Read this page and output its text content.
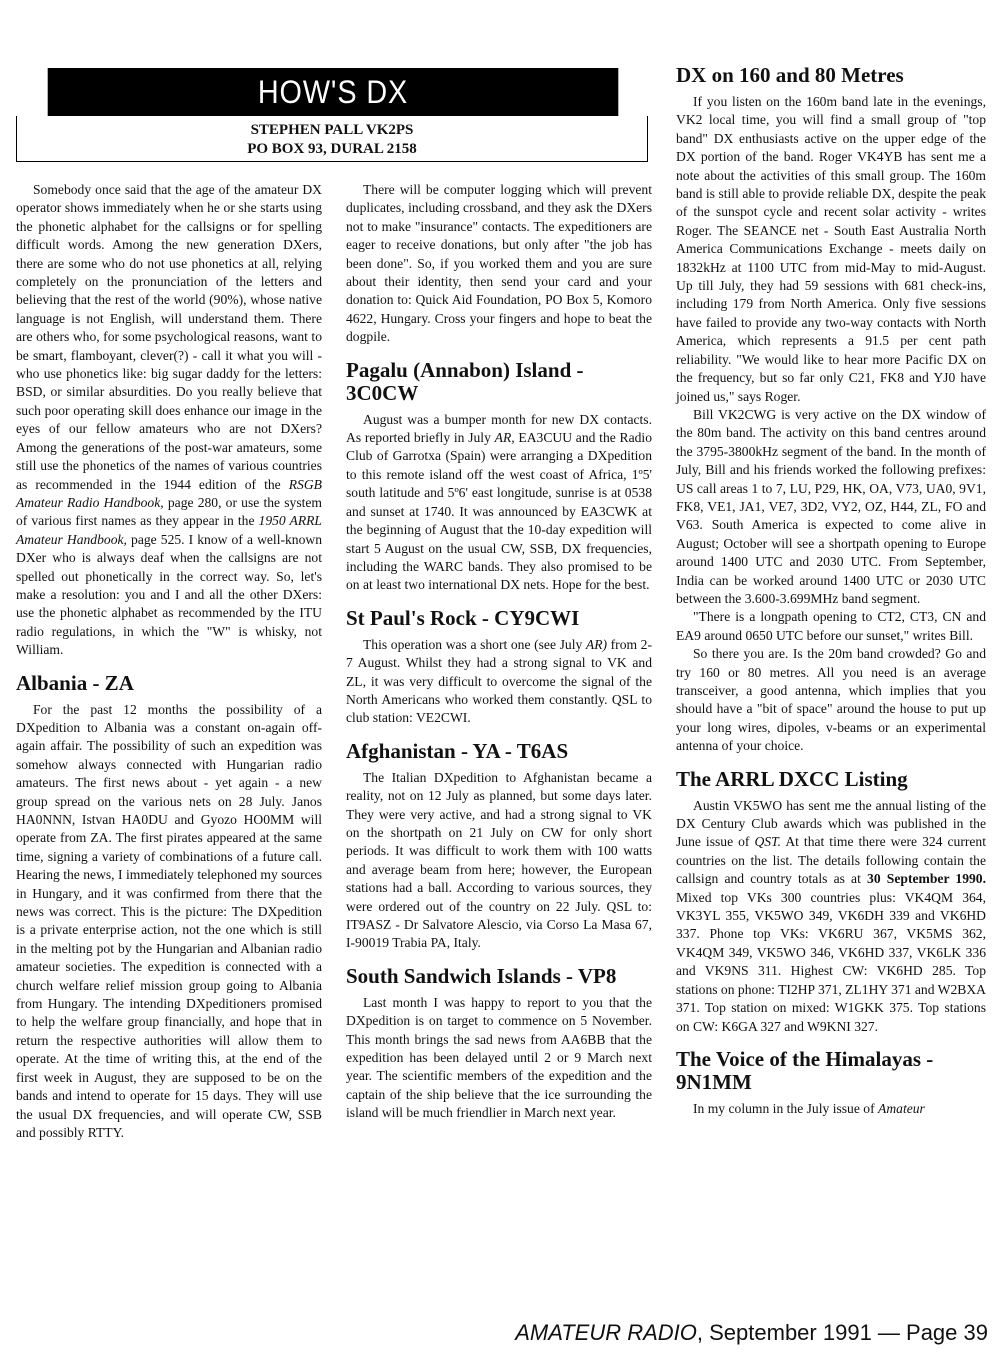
HOW'S DX
STEPHEN PALL VK2PS
PO BOX 93, DURAL 2158

Somebody once said that the age of the amateur DX operator shows immediately when he or she starts using the phonetic alphabet for the callsigns or for spelling difficult words. Among the new generation DXers, there are some who do not use phonetics at all, relying completely on the pronunciation of the letters and believing that the rest of the world (90%), whose native language is not English, will understand them. There are others who, for some psychological reasons, want to be smart, flamboyant, clever(?) - call it what you will - who use phonetics like: big sugar daddy for the letters: BSD, or similar absurdities. Do you really believe that such poor operating skill does enhance our image in the eyes of our fellow amateurs who are not DXers? Among the generations of the post-war amateurs, some still use the phonetics of the names of various countries as recommended in the 1944 edition of the RSGB Amateur Radio Handbook, page 280, or use the system of various first names as they appear in the 1950 ARRL Amateur Handbook, page 525. I know of a well-known DXer who is always deaf when the callsigns are not spelled out phonetically in the correct way. So, let's make a resolution: you and I and all the other DXers: use the phonetic alphabet as recommended by the ITU radio regulations, in which the "W" is whisky, not William.

Albania - ZA

For the past 12 months the possibility of a DXpedition to Albania was a constant on-again off-again affair. The possibility of such an expedition was somehow always connected with Hungarian radio amateurs. The first news about - yet again - a new group spread on the various nets on 28 July. Janos HA0NNN, Istvan HA0DU and Gyozo HO0MM will operate from ZA. The first pirates appeared at the same time, signing a variety of combinations of a future call. Hearing the news, I immediately telephoned my sources in Hungary, and it was confirmed from there that the news was correct. This is the picture: The DXpedition is a private enterprise action, not the one which is still in the melting pot by the Hungarian and Albanian radio amateur societies. The expedition is connected with a church welfare relief mission group going to Albania from Hungary. The intending DXpeditioners promised to help the welfare group financially, and hope that in return the respective authorities will allow them to operate. At the time of writing this, at the end of the first week in August, they are supposed to be on the bands and intend to operate for 15 days. They will use the usual DX frequencies, and will operate CW, SSB and possibly RTTY.

There will be computer logging which will prevent duplicates, including crossband, and they ask the DXers not to make "insurance" contacts. The expeditioners are eager to receive donations, but only after "the job has been done". So, if you worked them and you are sure about their identity, then send your card and your donation to: Quick Aid Foundation, PO Box 5, Komoro 4622, Hungary. Cross your fingers and hope to beat the dogpile.

Pagalu (Annabon) Island - 3C0CW

August was a bumper month for new DX contacts. As reported briefly in July AR, EA3CUU and the Radio Club of Garrotxa (Spain) were arranging a DXpedition to this remote island off the west coast of Africa, 1º5' south latitude and 5º6' east longitude, sunrise is at 0538 and sunset at 1740. It was announced by EA3CWK at the beginning of August that the 10-day expedition will start 5 August on the usual CW, SSB, DX frequencies, including the WARC bands. They also promised to be on at least two international DX nets. Hope for the best.

St Paul's Rock - CY9CWI

This operation was a short one (see July AR) from 2-7 August. Whilst they had a strong signal to VK and ZL, it was very difficult to overcome the signal of the North Americans who worked them constantly. QSL to club station: VE2CWI.

Afghanistan - YA - T6AS

The Italian DXpedition to Afghanistan became a reality, not on 12 July as planned, but some days later. They were very active, and had a strong signal to VK on the shortpath on 21 July on CW for only short periods. It was difficult to work them with 100 watts and average beam from here; however, the European stations had a ball. According to various sources, they were ordered out of the country on 22 July. QSL to: IT9ASZ - Dr Salvatore Alescio, via Corso La Masa 67, I-90019 Trabia PA, Italy.

South Sandwich Islands - VP8

Last month I was happy to report to you that the DXpedition is on target to commence on 5 November. This month brings the sad news from AA6BB that the expedition has been delayed until 2 or 9 March next year. The scientific members of the expedition and the captain of the ship believe that the ice surrounding the island will be much friendlier in March next year.

DX on 160 and 80 Metres

If you listen on the 160m band late in the evenings, VK2 local time, you will find a small group of "top band" DX enthusiasts active on the upper edge of the DX portion of the band. Roger VK4YB has sent me a note about the activities of this small group. The 160m band is still able to provide reliable DX, despite the peak of the sunspot cycle and recent solar activity - writes Roger. The SEANCE net - South East Australia North America Communications Exchange - meets daily on 1832kHz at 1100 UTC from mid-May to mid-August. Up till July, they had 59 sessions with 681 check-ins, including 179 from North America. Only five sessions have failed to provide any two-way contacts with North America, which represents a 91.5 per cent path reliability. "We would like to hear more Pacific DX on the frequency, but so far only C21, FK8 and YJ0 have joined us," says Roger.

Bill VK2CWG is very active on the DX window of the 80m band. The activity on this band centres around the 3795-3800kHz segment of the band. In the month of July, Bill and his friends worked the following prefixes: US call areas 1 to 7, LU, P29, HK, OA, V73, UA0, 9V1, FK8, VE1, JA1, VE7, 3D2, VY2, OZ, H44, ZL, FO and V63. South America is expected to come alive in August; October will see a shortpath opening to Europe around 1400 UTC and 2030 UTC. From September, India can be worked around 1400 UTC or 2030 UTC between the 3.600-3.699MHz band segment.

"There is a longpath opening to CT2, CT3, CN and EA9 around 0650 UTC before our sunset," writes Bill.

So there you are. Is the 20m band crowded? Go and try 160 or 80 metres. All you need is an average transceiver, a good antenna, which implies that you should have a "bit of space" around the house to put up your long wires, dipoles, v-beams or an experimental antenna of your choice.

The ARRL DXCC Listing

Austin VK5WO has sent me the annual listing of the DX Century Club awards which was published in the June issue of QST. At that time there were 324 current countries on the list. The details following contain the callsign and country totals as at 30 September 1990. Mixed top VKs 300 countries plus: VK4QM 364, VK3YL 355, VK5WO 349, VK6DH 339 and VK6HD 337. Phone top VKs: VK6RU 367, VK5MS 362, VK4QM 349, VK5WO 346, VK6HD 337, VK6LK 336 and VK9NS 311. Highest CW: VK6HD 285. Top stations on phone: TI2HP 371, ZL1HY 371 and W2BXA 371. Top station on mixed: W1GKK 375. Top stations on CW: K6GA 327 and W9KNI 327.

The Voice of the Himalayas - 9N1MM

In my column in the July issue of Amateur

AMATEUR RADIO, September 1991 — Page 39
